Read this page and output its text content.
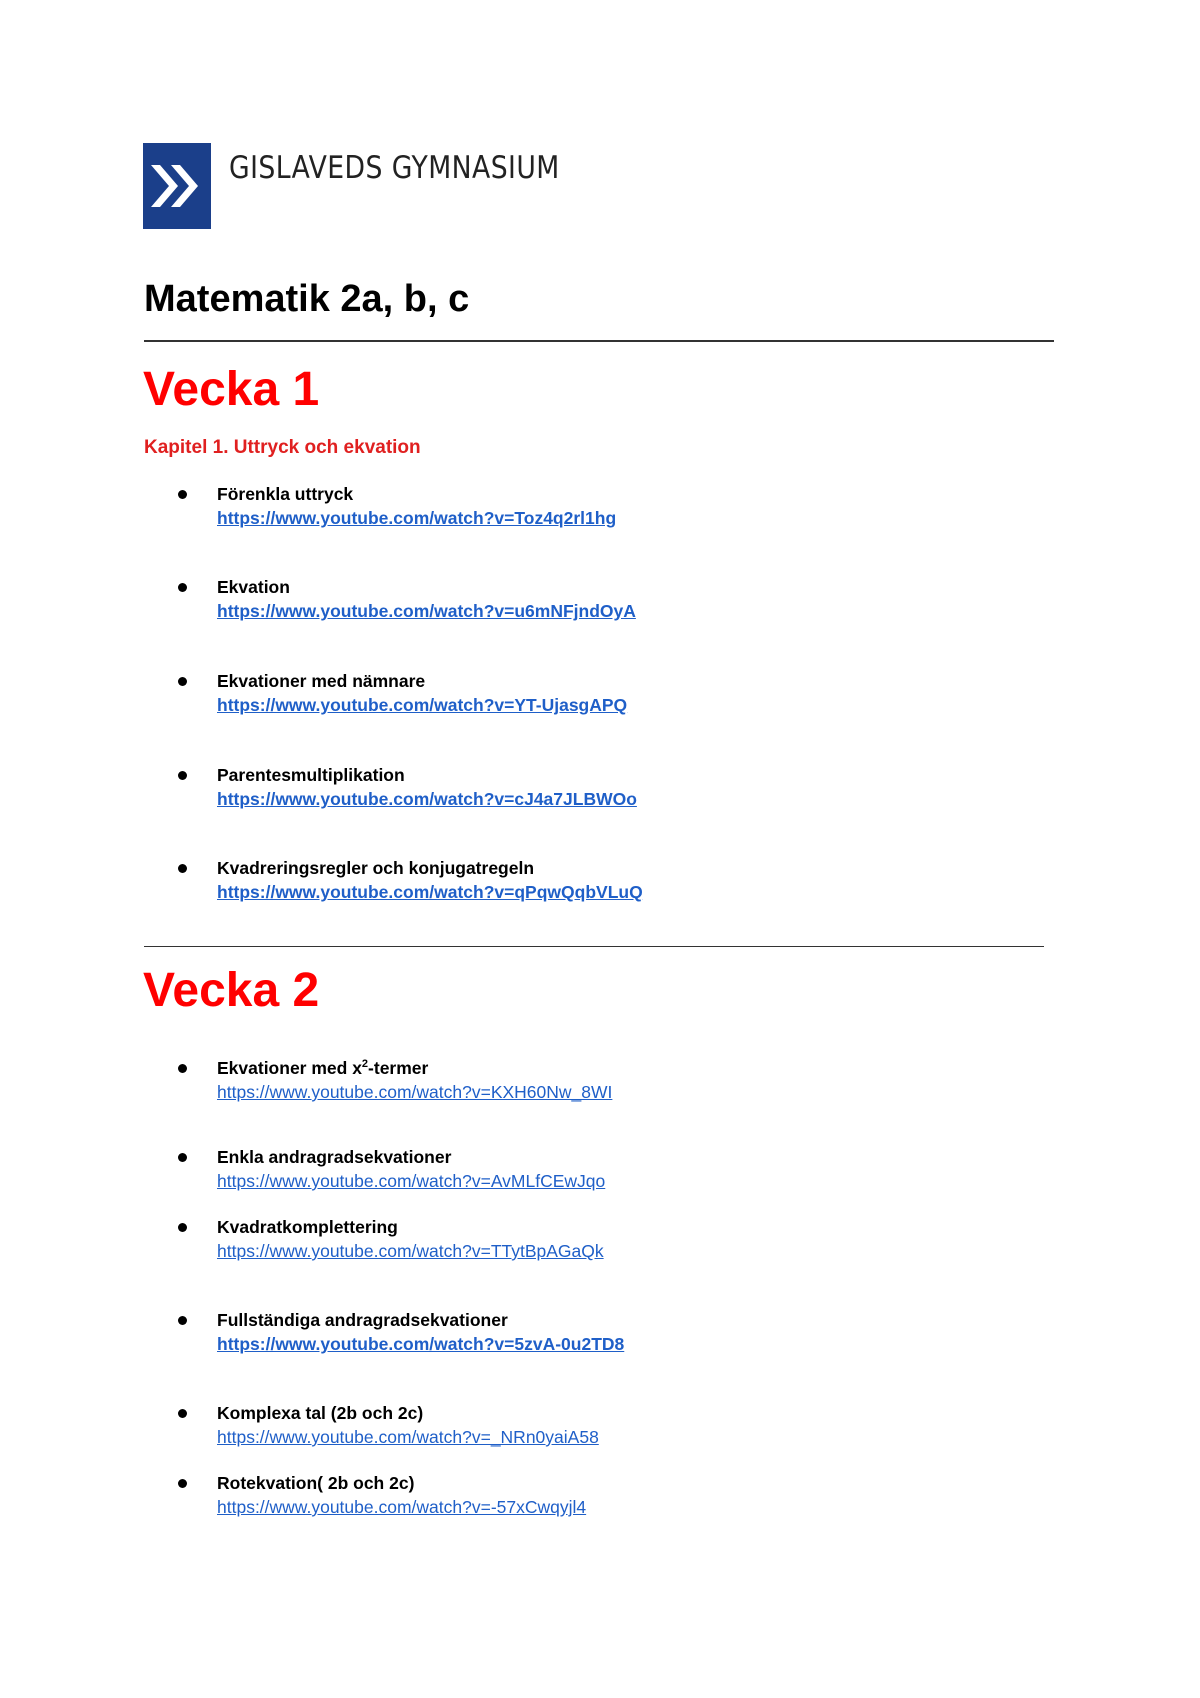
GISLAVEDS GYMNASIUM
Matematik 2a, b, c
Vecka 1
Kapitel 1. Uttryck och ekvation
Förenkla uttryck
https://www.youtube.com/watch?v=Toz4q2rl1hg
Ekvation
https://www.youtube.com/watch?v=u6mNFjndOyA
Ekvationer med nämnare
https://www.youtube.com/watch?v=YT-UjasgAPQ
Parentesmultiplikation
https://www.youtube.com/watch?v=cJ4a7JLBWOo
Kvadreringsregler och konjugatregeln
https://www.youtube.com/watch?v=qPqwQqbVLuQ
Vecka 2
Ekvationer med $x^2$-termer
https://www.youtube.com/watch?v=KXH60Nw_8WI
Enkla andragradsekvationer
https://www.youtube.com/watch?v=AvMLfCEwJqo
Kvadratkomplettering
https://www.youtube.com/watch?v=TTytBpAGaQk
Fullständiga andragradsekvationer
https://www.youtube.com/watch?v=5zvA-0u2TD8
Komplexa tal (2b och 2c)
https://www.youtube.com/watch?v=_NRn0yaiA58
Rotekvation( 2b och 2c)
https://www.youtube.com/watch?v=-57xCwqyjl4
